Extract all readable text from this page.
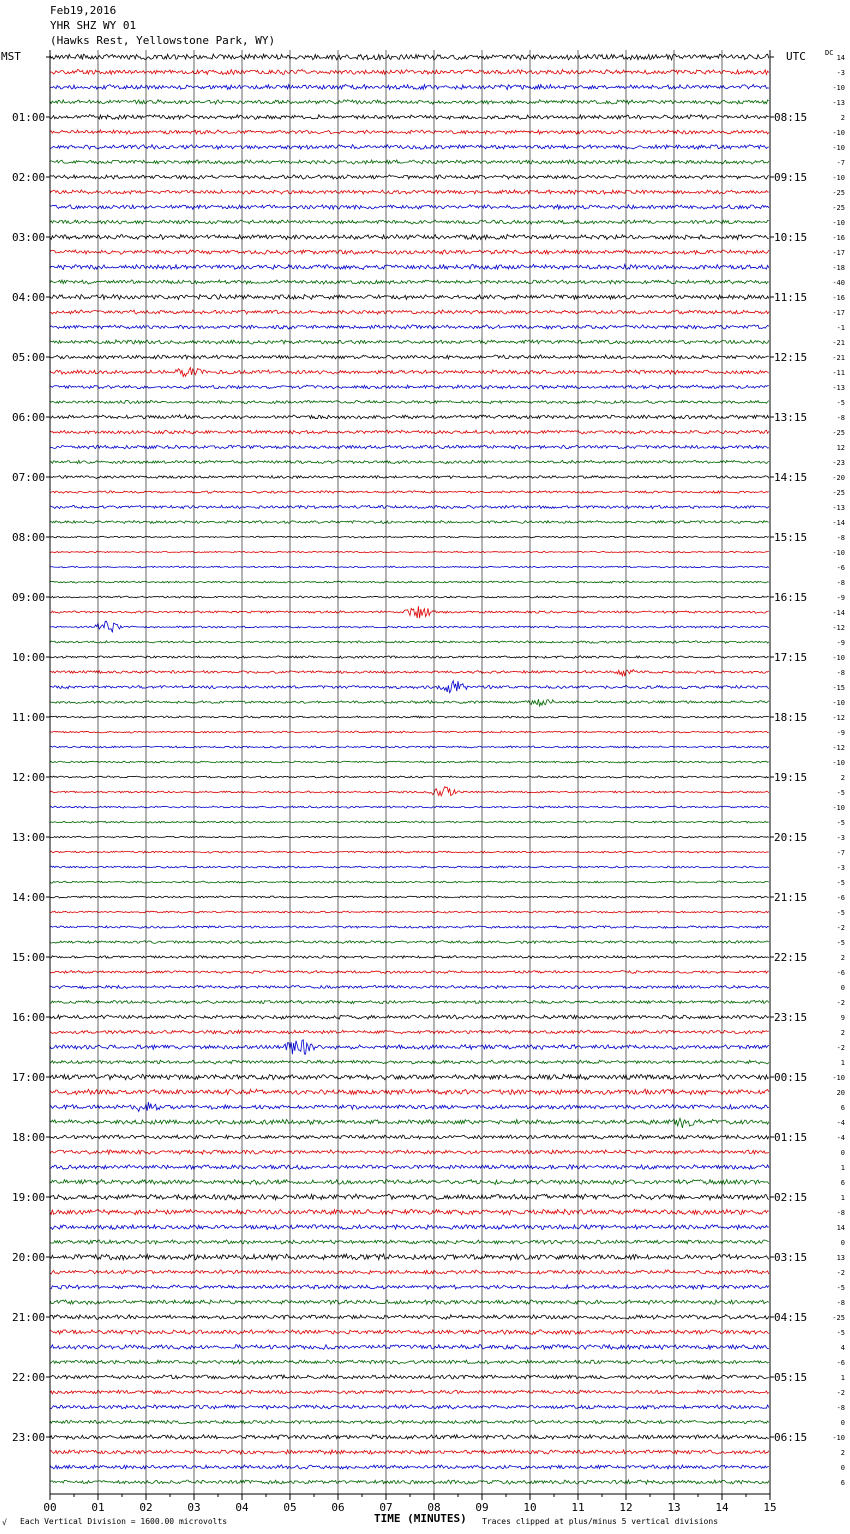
00	01	02	03	04	05	06	07	08	09	10	11	12	13	14	15
01:00	08:15
02:00	09:15
03:00	10:15
04:00	11:15
05:00	12:15
06:00	13:15
07:00	14:15
08:00	15:15
09:00	16:15
10:00	17:15
11:00	18:15
12:00	19:15
13:00	20:15
14:00	21:15
15:00	22:15
16:00	23:15
17:00	00:15
18:00	01:15
19:00	02:15
20:00	03:15
21:00	04:15
22:00	05:15
23:00	06:15
14
-3
-10
-13
2
-10
-10
-7
-10
-25
-25
-10
-16
-17
-18
-40
-16
-17
-1
-21
-21
-11
-13
-5
-8
-25
12
-23
-20
-25
-13
-14
-8
-10
-6
-8
-9
-14
-12
-9
-10
-8
-15
-10
-12
-9
-12
-10
2
-5
-10
-5
-3
-7
-3
-5
-6
-5
-2
-5
2
-6
0
-2
9
2
-2
1
-10
20
6
-4
-4
0
1
6
1
-8
14
0
13
-2
-5
-8
-25
-5
4
-6
1
-2
-8
0
-10
2
0
6
Feb19,2016
YHR SHZ WY 01
(Hawks Rest, Yellowstone Park, WY)
MST	UTC	DC
√ Each Vertical Division = 1600.00 microvolts	TIME (MINUTES) Traces clipped at plus/minus 5 vertical divisions
